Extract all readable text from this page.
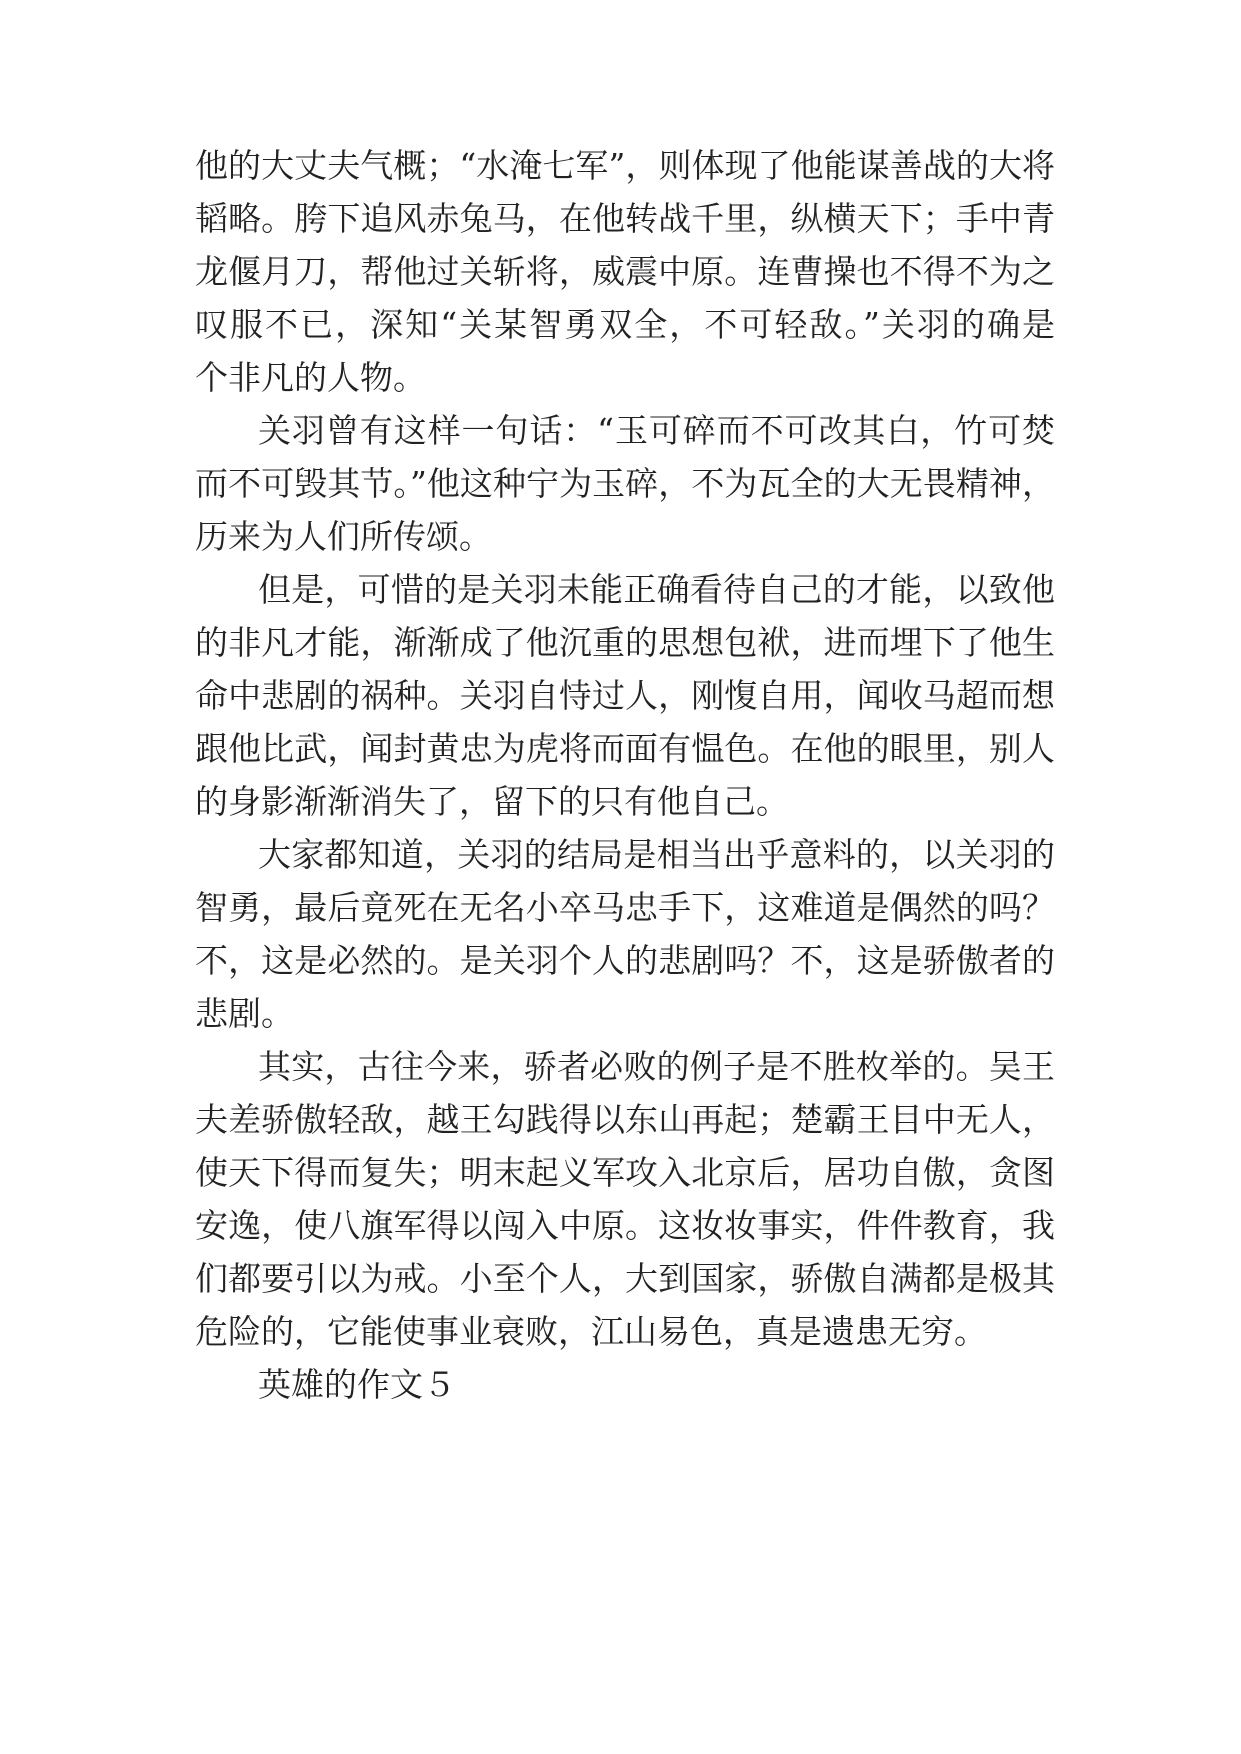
他的大丈夫气概；“水淹七军”，则体现了他能谋善战的大将
韬略。胯下追风赤兔马，在他转战千里，纵横天下；手中青
龙偃月刀，帮他过关斩将，威震中原。连曹操也不得不为之
叹服不已，深知“关某智勇双全，不可轻敌。”关羽的确是
个非凡的人物。
关羽曾有这样一句话：“玉可碎而不可改其白，竹可焚
而不可毁其节。”他这种宁为玉碎，不为瓦全的大无畏精神，
历来为人们所传颂。
但是，可惜的是关羽未能正确看待自己的才能，以致他
的非凡才能，渐渐成了他沉重的思想包袱，进而埋下了他生
命中悲剧的祸种。关羽自恃过人，刚愎自用，闻收马超而想
跟他比武，闻封黄忠为虎将而面有愠色。在他的眼里，别人
的身影渐渐消失了，留下的只有他自己。
大家都知道，关羽的结局是相当出乎意料的，以关羽的
智勇，最后竟死在无名小卒马忠手下，这难道是偶然的吗？
不，这是必然的。是关羽个人的悲剧吗？不，这是骄傲者的
悲剧。
其实，古往今来，骄者必败的例子是不胜枚举的。吴王
夫差骄傲轻敌，越王勾践得以东山再起；楚霸王目中无人，
使天下得而复失；明末起义军攻入北京后，居功自傲，贪图
安逸，使八旗军得以闯入中原。这妆妆事实，件件教育，我
们都要引以为戒。小至个人，大到国家，骄傲自满都是极其
危险的，它能使事业衰败，江山易色，真是遗患无穷。
英雄的作文５
